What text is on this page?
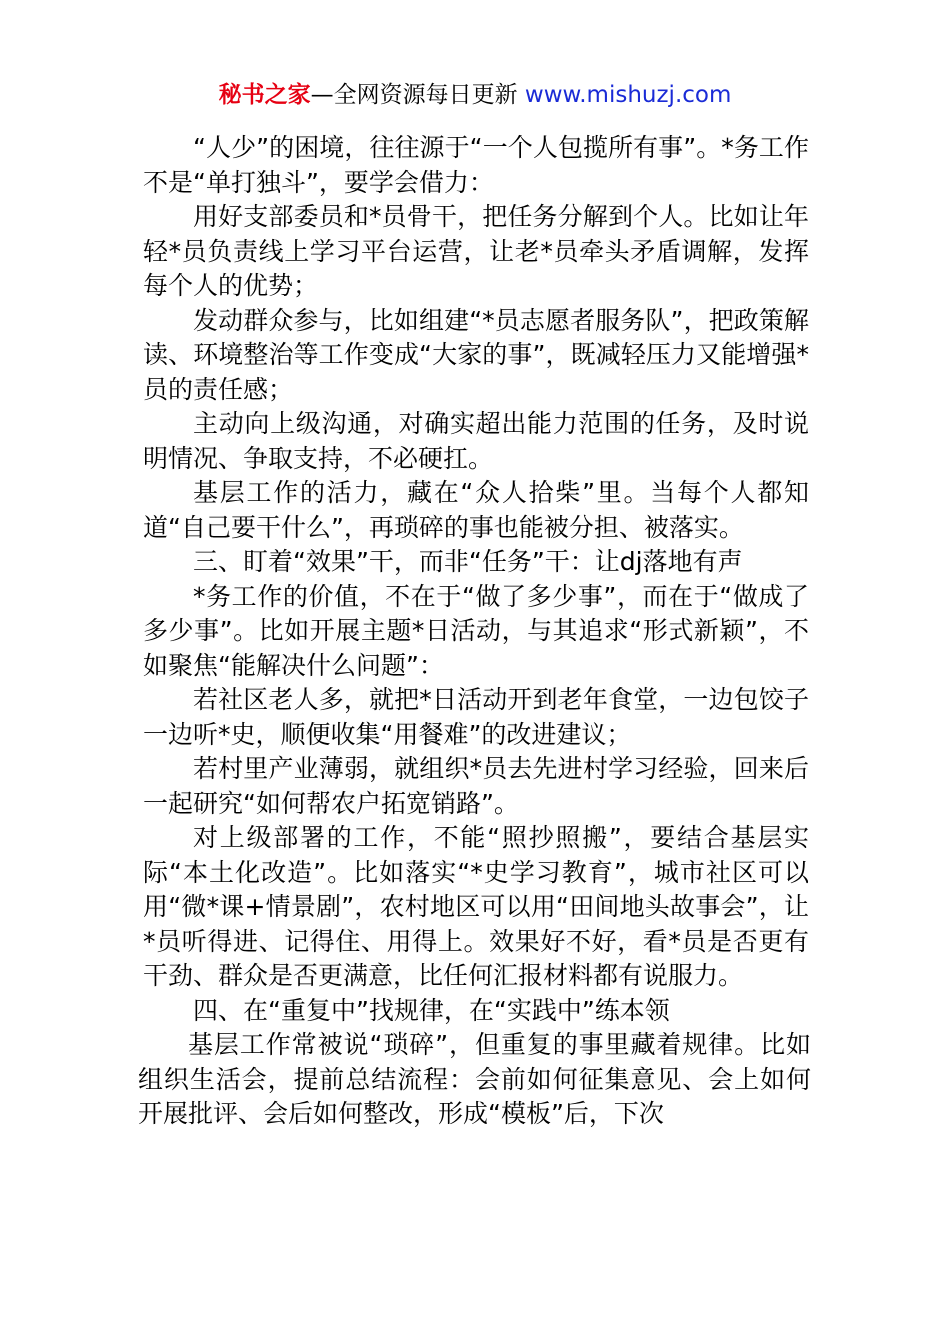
秘书之家—全网资源每日更新 www.mishuzj.com

“人少”的困境，往往源于“一个人包揽所有事”。*务工作不是“单打独斗”，要学会借力：

用好支部委员和*员骨干，把任务分解到个人。比如让年轻*员负责线上学习平台运营，让老*员牵头矛盾调解，发挥每个人的优势；

发动群众参与，比如组建“*员志愿者服务队”，把政策解读、环境整治等工作变成“大家的事”，既减轻压力又能增强*员的责任感；

主动向上级沟通，对确实超出能力范围的任务，及时说明情况、争取支持，不必硬扛。

基层工作的活力，藏在“众人拾柴”里。当每个人都知道“自己要干什么”，再琐碎的事也能被分担、被落实。

三、盯着“效果”干，而非“任务”干：让dj落地有声

*务工作的价值，不在于“做了多少事”，而在于“做成了多少事”。比如开展主题*日活动，与其追求“形式新颖”，不如聚焦“能解决什么问题”：

若社区老人多，就把*日活动开到老年食堂，一边包饺子一边听*史，顺便收集“用餐难”的改进建议；

若村里产业薄弱，就组织*员去先进村学习经验，回来后一起研究“如何帮农户拓宽销路”。

对上级部署的工作，不能“照抄照搬”，要结合基层实际“本土化改造”。比如落实“*史学习教育”，城市社区可以用“微*课+情景剧”，农村地区可以用“田间地头故事会”，让*员听得进、记得住、用得上。效果好不好，看*员是否更有干劲、群众是否更满意，比任何汇报材料都有说服力。

四、在“重复中”找规律，在“实践中”练本领

基层工作常被说“琐碎”，但重复的事里藏着规律。比如组织生活会，提前总结流程：会前如何征集意见、会上如何开展批评、会后如何整改，形成“模板”后，下次
